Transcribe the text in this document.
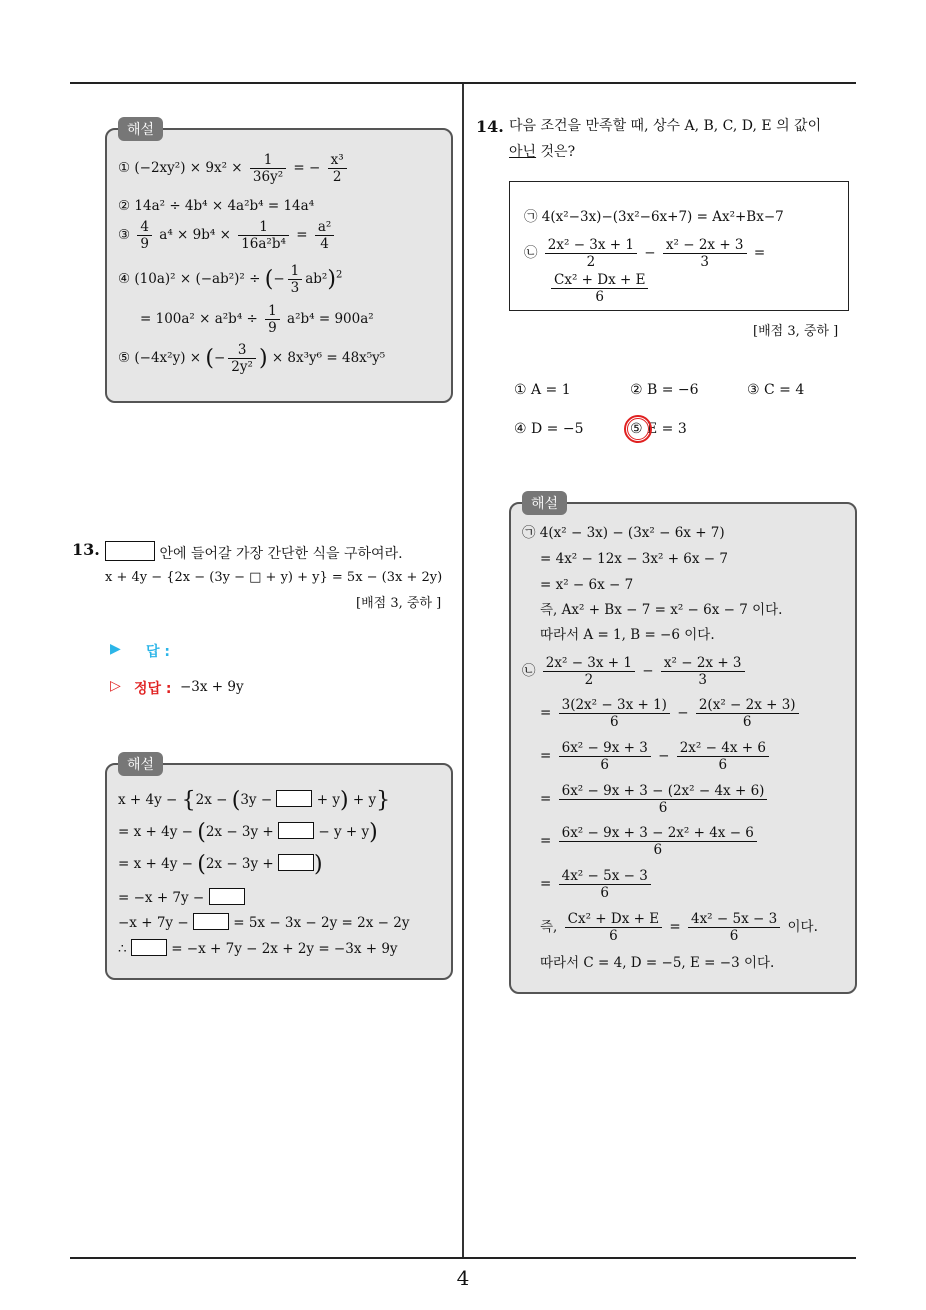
4
해설
① $(-2xy^2) \times 9x^2 \times \frac{1}{\text{36y²}}$ = − $\frac{\text{x³}}{2}$
② 14a² ÷ 4b⁴ × 4a²b⁴ = 14a⁴
③ $\frac{4}{9} a^4 \times 9b^4 \times \frac{1}{\text{16a²b⁴}} = \frac{\text{a²}}{4}$
④ (10a)² × (−ab²)² ÷ (− $\frac{1}{3} ab^2)^2$
= $100a^2 \times a^2b^4 \div \frac{1}{9} a^2b^4 = 900a^2$
⑤ (−4x²y) × (− $\frac{3}{\text{2y²}}$ ) × 8x³y⁶ = 48x⁵y⁵
13.	안에 들어갈 가장 간단한 식을 구하여라.
x + 4y − {2x − (3y − □ + y) + y} = 5x − (3x + 2y)
[배점 3, 중하 ]
▶ 답 :
▷ 정답 : −3x + 9y
해설
x + 4y − {2x − (3y −	+ y) + y}
= x + 4y − (2x − 3y +	− y + y)
= x + 4y − (2x − 3y + )
= −x + 7y −
−x + 7y −	= 5x − 3x − 2y = 2x − 2y
∴	= −x + 7y − 2x + 2y = −3x + 9y
14. 다음 조건을 만족할 때, 상수 A, B, C, D, E 의 값이
아닌 것은?
㉠ 4(x²−3x)−(3x²−6x+7) = Ax²+Bx−7
㉡ $\frac{\text{2x² − 3x + 1}}{2} - \frac{\text{x² − 2x + 3}}{3}$ =
$\frac{\text{Cx² + Dx + E}}{6}$
[배점 3, 중하 ]
① A = 1	② B = −6	③ C = 4
④ D = −5	⑤ E = 3
해설
㉠ 4(x² − 3x) − (3x² − 6x + 7)
= 4x² − 12x − 3x² + 6x − 7
= x² − 6x − 7
즉, Ax² + Bx − 7 = x² − 6x − 7 이다.
따라서 A = 1, B = −6 이다.
㉡ $\frac{\text{2x² − 3x + 1}}{2} - \frac{\text{x² − 2x + 3}}{3}$
= $\frac{\text{3(2x² − 3x + 1)}}{6} - \frac{\text{2(x² − 2x + 3)}}{6}$
= $\frac{\text{6x² − 9x + 3}}{6} - \frac{\text{2x² − 4x + 6}}{6}$
= $\frac{\text{6x² − 9x + 3 − (2x² − 4x + 6)}}{6}$
= $\frac{\text{6x² − 9x + 3 − 2x² + 4x − 6}}{6}$
= $\frac{\text{4x² − 5x − 3}}{6}$
즉, $\frac{\text{Cx² + Dx + E}}{6} = \frac{\text{4x² − 5x − 3}}{6}$ 이다.
따라서 C = 4, D = −5, E = −3 이다.
